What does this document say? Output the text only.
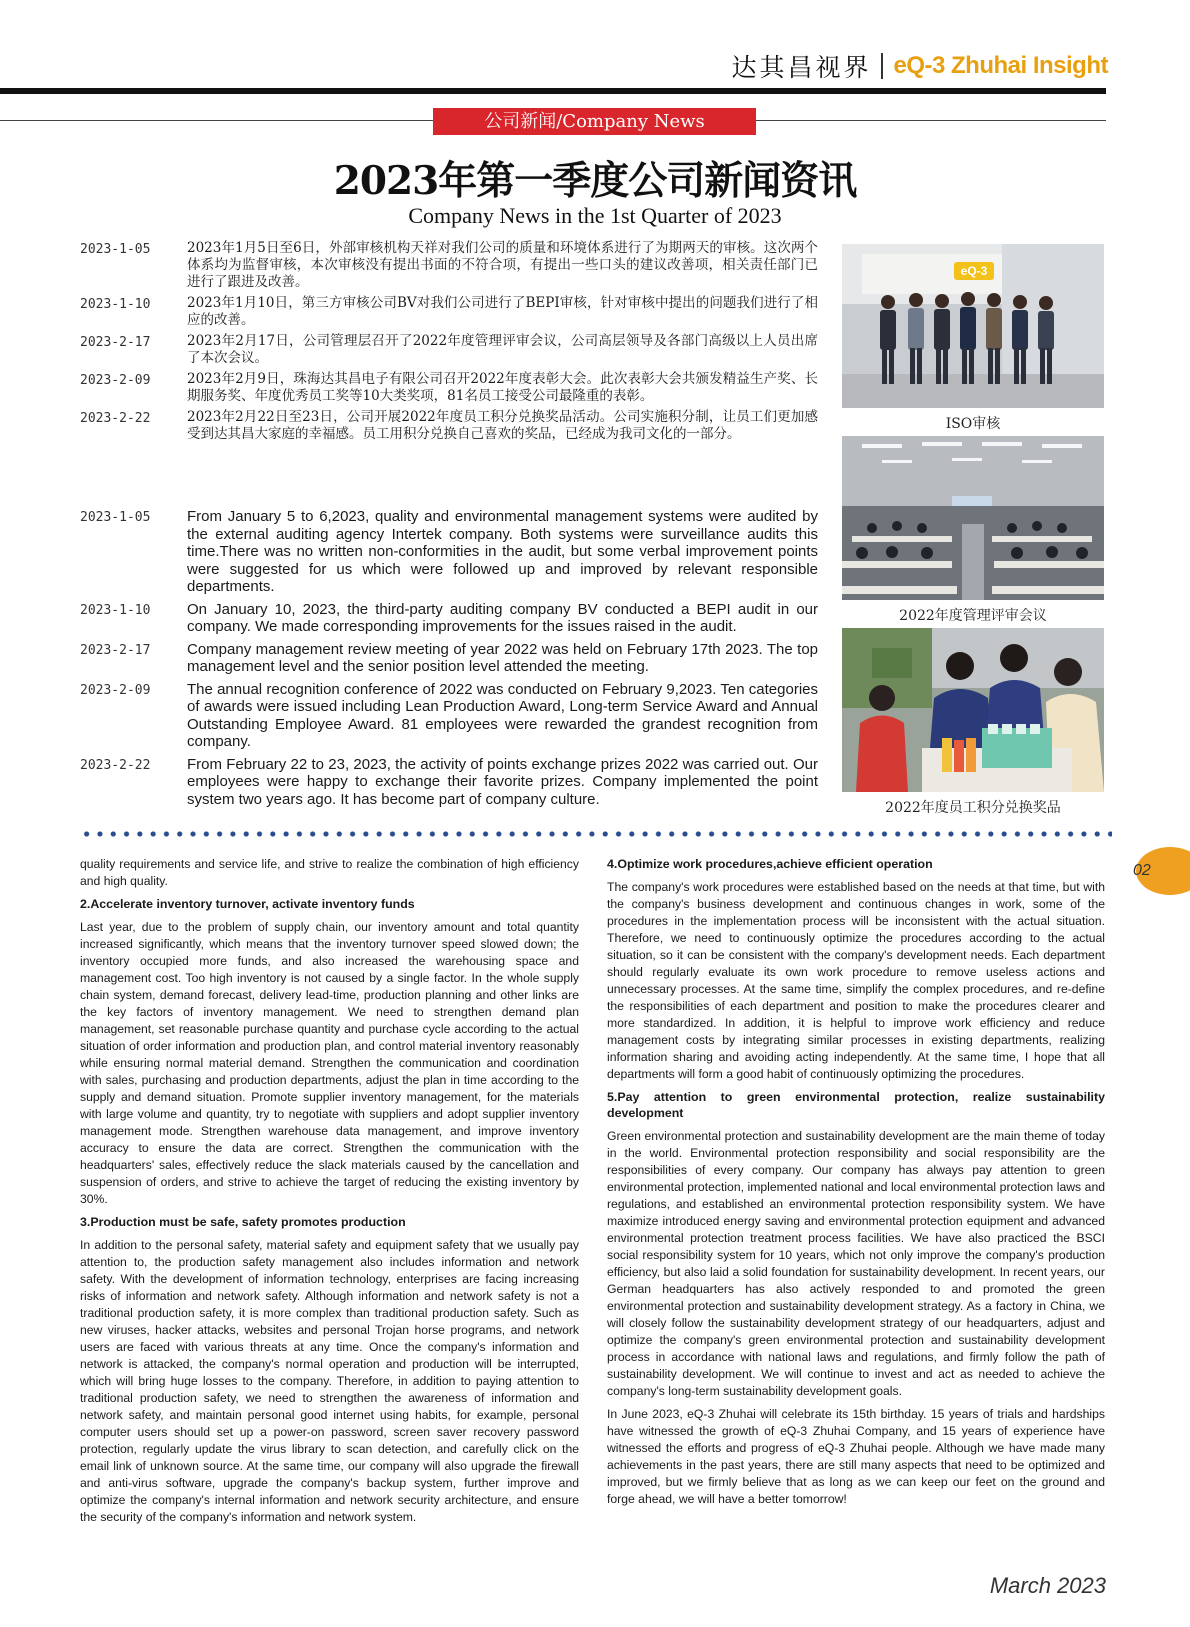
达其昌视界 eQ-3 Zhuhai Insight
公司新闻/Company News
2023年第一季度公司新闻资讯
Company News in the 1st Quarter of 2023
2023-1-05	2023年1月5日至6日，外部审核机构天祥对我们公司的质量和环境体系进行了为期两天的审核。这次两个体系均为监督审核，本次审核没有提出书面的不符合项，有提出一些口头的建议改善项，相关责任部门已进行了跟进及改善。
2023-1-10	2023年1月10日，第三方审核公司BV对我们公司进行了BEPI审核，针对审核中提出的问题我们进行了相应的改善。
2023-2-17	2023年2月17日，公司管理层召开了2022年度管理评审会议，公司高层领导及各部门高级以上人员出席了本次会议。
2023-2-09	2023年2月9日，珠海达其昌电子有限公司召开2022年度表彰大会。此次表彰大会共颁发精益生产奖、长期服务奖、年度优秀员工奖等10大类奖项，81名员工接受公司最隆重的表彰。
2023-2-22	2023年2月22日至23日，公司开展2022年度员工积分兑换奖品活动。公司实施积分制，让员工们更加感受到达其昌大家庭的幸福感。员工用积分兑换自己喜欢的奖品，已经成为我司文化的一部分。
2023-1-05	From January 5 to 6,2023, quality and environmental management systems were audited by the external auditing agency Intertek company. Both systems were surveillance audits this time.There was no written non-conformities in the audit, but some verbal improvement points were suggested for us which were followed up and improved by relevant responsible departments.
2023-1-10	On January 10, 2023, the third-party auditing company BV conducted a BEPI audit in our company. We made corresponding improvements for the issues raised in the audit.
2023-2-17	Company management review meeting of year 2022 was held on February 17th 2023. The top management level and the senior position level attended the meeting.
2023-2-09	The annual recognition conference of 2022 was conducted on February 9,2023. Ten categories of awards were issued including Lean Production Award, Long-term Service Award and Annual Outstanding Employee Award. 81 employees were rewarded the grandest recognition from company.
2023-2-22	From February 22 to 23, 2023, the activity of points exchange prizes 2022 was carried out. Our employees were happy to exchange their favorite prizes. Company implemented the point system two years ago. It has become part of company culture.
eQ-3
ISO审核
2022年度管理评审会议
2022年度员工积分兑换奖品

quality requirements and service life, and strive to realize the combination of high efficiency and high quality.

2.Accelerate inventory turnover, activate inventory funds

Last year, due to the problem of supply chain, our inventory amount and total quantity increased significantly, which means that the inventory turnover speed slowed down; the inventory occupied more funds, and also increased the warehousing space and management cost. Too high inventory is not caused by a single factor. In the whole supply chain system, demand forecast, delivery lead-time, production planning and other links are the key factors of inventory management. We need to strengthen demand plan management, set reasonable purchase quantity and purchase cycle according to the actual situation of order information and production plan, and control material inventory reasonably while ensuring normal material demand. Strengthen the communication and coordination with sales, purchasing and production departments, adjust the plan in time according to the supply and demand situation. Promote supplier inventory management, for the materials with large volume and quantity, try to negotiate with suppliers and adopt supplier inventory management mode. Strengthen warehouse data management, and improve inventory accuracy to ensure the data are correct. Strengthen the communication with the headquarters' sales, effectively reduce the slack materials caused by the cancellation and suspension of orders, and strive to achieve the target of reducing the existing inventory by 30%.

3.Production must be safe, safety promotes production

In addition to the personal safety, material safety and equipment safety that we usually pay attention to, the production safety management also includes information and network safety. With the development of information technology, enterprises are facing increasing risks of information and network safety. Although information and network safety is not a traditional production safety, it is more complex than traditional production safety. Such as new viruses, hacker attacks, websites and personal Trojan horse programs, and network users are faced with various threats at any time. Once the company's information and network is attacked, the company's normal operation and production will be interrupted, which will bring huge losses to the company. Therefore, in addition to paying attention to traditional production safety, we need to strengthen the awareness of information and network safety, and maintain personal good internet using habits, for example, personal computer users should set up a power-on password, screen saver recovery password protection, regularly update the virus library to scan detection, and carefully click on the email link of unknown source. At the same time, our company will also upgrade the firewall and anti-virus software, upgrade the company's backup system, further improve and optimize the company's internal information and network security architecture, and ensure the security of the company's information and network system.

4.Optimize work procedures,achieve efficient operation

The company's work procedures were established based on the needs at that time, but with the company's business development and continuous changes in work, some of the procedures in the implementation process will be inconsistent with the actual situation. Therefore, we need to continuously optimize the procedures according to the actual situation, so it can be consistent with the company's development needs. Each department should regularly evaluate its own work procedure to remove useless actions and unnecessary processes. At the same time, simplify the complex procedures, and re-define the responsibilities of each department and position to make the procedures clearer and more standardized. In addition, it is helpful to improve work efficiency and reduce management costs by integrating similar processes in existing departments, realizing information sharing and avoiding acting independently. At the same time, I hope that all departments will form a good habit of continuously optimizing the procedures.

5.Pay attention to green environmental protection, realize sustainability development

Green environmental protection and sustainability development are the main theme of today in the world. Environmental protection responsibility and social responsibility are the responsibilities of every company. Our company has always pay attention to green environmental protection, implemented national and local environmental protection laws and regulations, and established an environmental protection responsibility system. We have maximize introduced energy saving and environmental protection equipment and advanced environmental protection treatment process facilities. We have also practiced the BSCI social responsibility system for 10 years, which not only improve the company's production efficiency, but also laid a solid foundation for sustainability development. In recent years, our German headquarters has also actively responded to and promoted the green environmental protection and sustainability development strategy. As a factory in China, we will closely follow the sustainability development strategy of our headquarters, adjust and optimize the company's green environmental protection and sustainability development process in accordance with national laws and regulations, and firmly follow the path of sustainability development. We will continue to invest and act as needed to achieve the company's long-term sustainability development goals.

In June 2023, eQ-3 Zhuhai will celebrate its 15th birthday. 15 years of trials and hardships have witnessed the growth of eQ-3 Zhuhai Company, and 15 years of experience have witnessed the efforts and progress of eQ-3 Zhuhai people. Although we have made many achievements in the past years, there are still many aspects that need to be optimized and improved, but we firmly believe that as long as we can keep our feet on the ground and forge ahead, we will have a better tomorrow!

02
March 2023
